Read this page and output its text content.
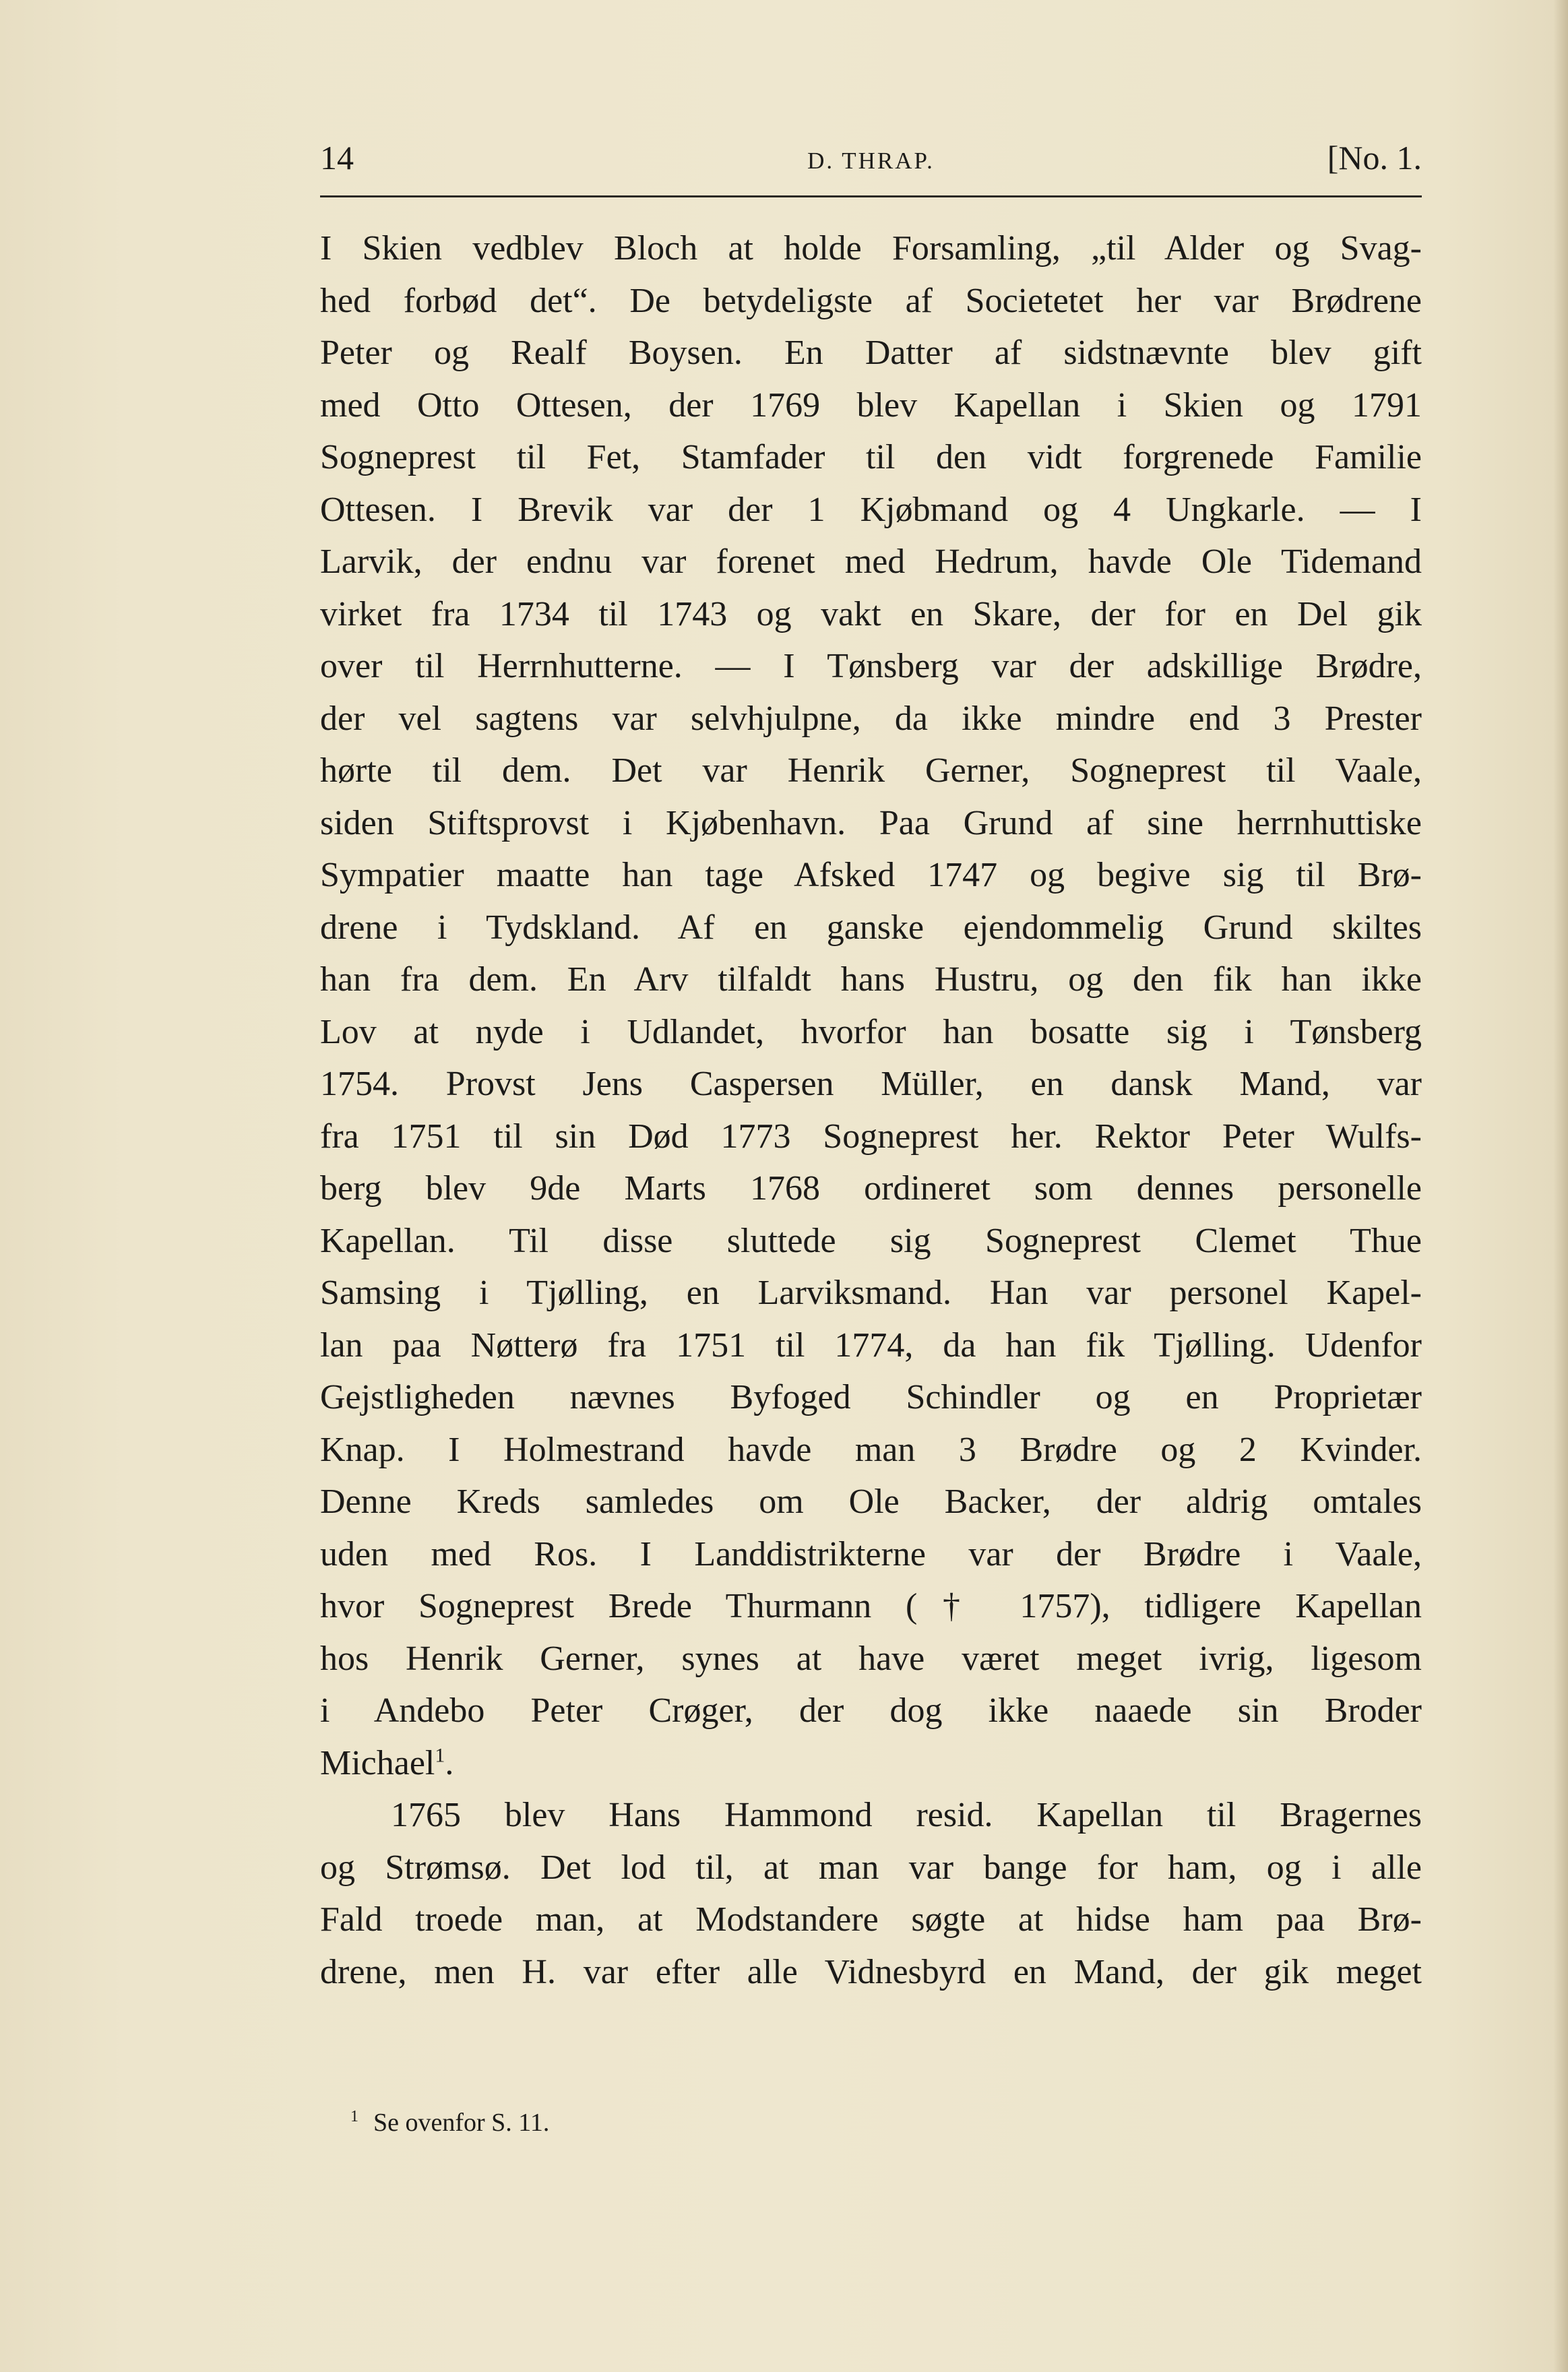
14	D. THRAP.	[No. 1.
I Skien vedblev Bloch at holde Forsamling, „til Alder og Svag-
hed forbød det“. De betydeligste af Societetet her var Brødrene
Peter og Realf Boysen. En Datter af sidstnævnte blev gift
med Otto Ottesen, der 1769 blev Kapellan i Skien og 1791
Sogneprest til Fet, Stamfader til den vidt forgrenede Familie
Ottesen. I Brevik var der 1 Kjøbmand og 4 Ungkarle. — I
Larvik, der endnu var forenet med Hedrum, havde Ole Tidemand
virket fra 1734 til 1743 og vakt en Skare, der for en Del gik
over til Herrnhutterne. — I Tønsberg var der adskillige Brødre,
der vel sagtens var selvhjulpne, da ikke mindre end 3 Prester
hørte til dem. Det var Henrik Gerner, Sogneprest til Vaale,
siden Stiftsprovst i Kjøbenhavn. Paa Grund af sine herrnhuttiske
Sympatier maatte han tage Afsked 1747 og begive sig til Brø-
drene i Tydskland. Af en ganske ejendommelig Grund skiltes
han fra dem. En Arv tilfaldt hans Hustru, og den fik han ikke
Lov at nyde i Udlandet, hvorfor han bosatte sig i Tønsberg
1754. Provst Jens Caspersen Müller, en dansk Mand, var
fra 1751 til sin Død 1773 Sogneprest her. Rektor Peter Wulfs-
berg blev 9de Marts 1768 ordineret som dennes personelle
Kapellan. Til disse sluttede sig Sogneprest Clemet Thue
Samsing i Tjølling, en Larviksmand. Han var personel Kapel-
lan paa Nøtterø fra 1751 til 1774, da han fik Tjølling. Udenfor
Gejstligheden nævnes Byfoged Schindler og en Proprietær
Knap. I Holmestrand havde man 3 Brødre og 2 Kvinder.
Denne Kreds samledes om Ole Backer, der aldrig omtales
uden med Ros. I Landdistrikterne var der Brødre i Vaale,
hvor Sogneprest Brede Thurmann († 1757), tidligere Kapellan
hos Henrik Gerner, synes at have været meget ivrig, ligesom
i Andebo Peter Crøger, der dog ikke naaede sin Broder
Michael$^1$.
1765 blev Hans Hammond resid. Kapellan til Bragernes
og Strømsø. Det lod til, at man var bange for ham, og i alle
Fald troede man, at Modstandere søgte at hidse ham paa Brø-
drene, men H. var efter alle Vidnesbyrd en Mand, der gik meget
$^1$ Se ovenfor S. 11.
